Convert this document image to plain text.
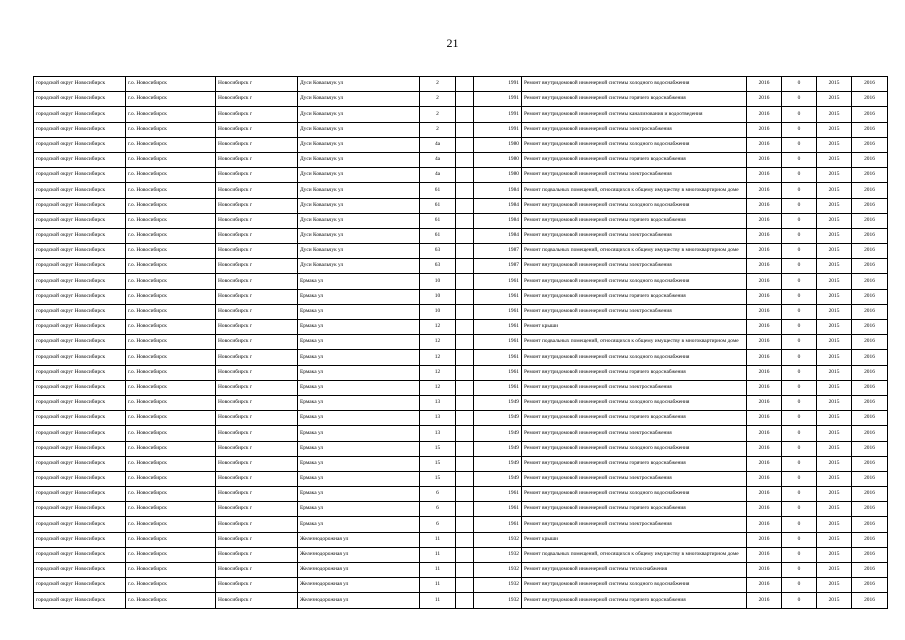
21
городской округ Новосибирск	г.о. Новосибирск	Новосибирск г	Дуси Ковальчук ул	2		1991	Ремонт внутридомовой инженерной системы холодного водоснабжения	2016	0	2015	2016
городской округ Новосибирск	г.о. Новосибирск	Новосибирск г	Дуси Ковальчук ул	2		1991	Ремонт внутридомовой инженерной системы горячего водоснабжения	2016	0	2015	2016
городской округ Новосибирск	г.о. Новосибирск	Новосибирск г	Дуси Ковальчук ул	2		1991	Ремонт внутридомовой инженерной системы канализования и водоотведения	2016	0	2015	2016
городской округ Новосибирск	г.о. Новосибирск	Новосибирск г	Дуси Ковальчук ул	2		1991	Ремонт внутридомовой инженерной системы электроснабжения	2016	0	2015	2016
городской округ Новосибирск	г.о. Новосибирск	Новосибирск г	Дуси Ковальчук ул	4а		1980	Ремонт внутридомовой инженерной системы холодного водоснабжения	2016	0	2015	2016
городской округ Новосибирск	г.о. Новосибирск	Новосибирск г	Дуси Ковальчук ул	4а		1980	Ремонт внутридомовой инженерной системы горячего водоснабжения	2016	0	2015	2016
городской округ Новосибирск	г.о. Новосибирск	Новосибирск г	Дуси Ковальчук ул	4а		1980	Ремонт внутридомовой инженерной системы электроснабжения	2016	0	2015	2016
городской округ Новосибирск	г.о. Новосибирск	Новосибирск г	Дуси Ковальчук ул	61		1984	Ремонт подвальных помещений, относящихся к общему имуществу в многоквартирном доме	2016	0	2015	2016
городской округ Новосибирск	г.о. Новосибирск	Новосибирск г	Дуси Ковальчук ул	61		1984	Ремонт внутридомовой инженерной системы холодного водоснабжения	2016	0	2015	2016
городской округ Новосибирск	г.о. Новосибирск	Новосибирск г	Дуси Ковальчук ул	61		1984	Ремонт внутридомовой инженерной системы горячего водоснабжения	2016	0	2015	2016
городской округ Новосибирск	г.о. Новосибирск	Новосибирск г	Дуси Ковальчук ул	61		1984	Ремонт внутридомовой инженерной системы электроснабжения	2016	0	2015	2016
городской округ Новосибирск	г.о. Новосибирск	Новосибирск г	Дуси Ковальчук ул	63		1987	Ремонт подвальных помещений, относящихся к общему имуществу в многоквартирном доме	2016	0	2015	2016
городской округ Новосибирск	г.о. Новосибирск	Новосибирск г	Дуси Ковальчук ул	63		1987	Ремонт внутридомовой инженерной системы электроснабжения	2016	0	2015	2016
городской округ Новосибирск	г.о. Новосибирск	Новосибирск г	Ермака ул	10		1961	Ремонт внутридомовой инженерной системы холодного водоснабжения	2016	0	2015	2016
городской округ Новосибирск	г.о. Новосибирск	Новосибирск г	Ермака ул	10		1961	Ремонт внутридомовой инженерной системы горячего водоснабжения	2016	0	2015	2016
городской округ Новосибирск	г.о. Новосибирск	Новосибирск г	Ермака ул	10		1961	Ремонт внутридомовой инженерной системы электроснабжения	2016	0	2015	2016
городской округ Новосибирск	г.о. Новосибирск	Новосибирск г	Ермака ул	12		1961	Ремонт крыши	2016	0	2015	2016
городской округ Новосибирск	г.о. Новосибирск	Новосибирск г	Ермака ул	12		1961	Ремонт подвальных помещений, относящихся к общему имуществу в многоквартирном доме	2016	0	2015	2016
городской округ Новосибирск	г.о. Новосибирск	Новосибирск г	Ермака ул	12		1961	Ремонт внутридомовой инженерной системы холодного водоснабжения	2016	0	2015	2016
городской округ Новосибирск	г.о. Новосибирск	Новосибирск г	Ермака ул	12		1961	Ремонт внутридомовой инженерной системы горячего водоснабжения	2016	0	2015	2016
городской округ Новосибирск	г.о. Новосибирск	Новосибирск г	Ермака ул	12		1961	Ремонт внутридомовой инженерной системы электроснабжения	2016	0	2015	2016
городской округ Новосибирск	г.о. Новосибирск	Новосибирск г	Ермака ул	13		1949	Ремонт внутридомовой инженерной системы холодного водоснабжения	2016	0	2015	2016
городской округ Новосибирск	г.о. Новосибирск	Новосибирск г	Ермака ул	13		1949	Ремонт внутридомовой инженерной системы горячего водоснабжения	2016	0	2015	2016
городской округ Новосибирск	г.о. Новосибирск	Новосибирск г	Ермака ул	13		1949	Ремонт внутридомовой инженерной системы электроснабжения	2016	0	2015	2016
городской округ Новосибирск	г.о. Новосибирск	Новосибирск г	Ермака ул	15		1949	Ремонт внутридомовой инженерной системы холодного водоснабжения	2016	0	2015	2016
городской округ Новосибирск	г.о. Новосибирск	Новосибирск г	Ермака ул	15		1949	Ремонт внутридомовой инженерной системы горячего водоснабжения	2016	0	2015	2016
городской округ Новосибирск	г.о. Новосибирск	Новосибирск г	Ермака ул	15		1949	Ремонт внутридомовой инженерной системы электроснабжения	2016	0	2015	2016
городской округ Новосибирск	г.о. Новосибирск	Новосибирск г	Ермака ул	6		1961	Ремонт внутридомовой инженерной системы холодного водоснабжения	2016	0	2015	2016
городской округ Новосибирск	г.о. Новосибирск	Новосибирск г	Ермака ул	6		1961	Ремонт внутридомовой инженерной системы горячего водоснабжения	2016	0	2015	2016
городской округ Новосибирск	г.о. Новосибирск	Новосибирск г	Ермака ул	6		1961	Ремонт внутридомовой инженерной системы электроснабжения	2016	0	2015	2016
городской округ Новосибирск	г.о. Новосибирск	Новосибирск г	Железнодорожная ул	11		1932	Ремонт крыши	2016	0	2015	2016
городской округ Новосибирск	г.о. Новосибирск	Новосибирск г	Железнодорожная ул	11		1932	Ремонт подвальных помещений, относящихся к общему имуществу в многоквартирном доме	2016	0	2015	2016
городской округ Новосибирск	г.о. Новосибирск	Новосибирск г	Железнодорожная ул	11		1932	Ремонт внутридомовой инженерной системы теплоснабжения	2016	0	2015	2016
городской округ Новосибирск	г.о. Новосибирск	Новосибирск г	Железнодорожная ул	11		1932	Ремонт внутридомовой инженерной системы холодного водоснабжения	2016	0	2015	2016
городской округ Новосибирск	г.о. Новосибирск	Новосибирск г	Железнодорожная ул	11		1932	Ремонт внутридомовой инженерной системы горячего водоснабжения	2016	0	2015	2016
